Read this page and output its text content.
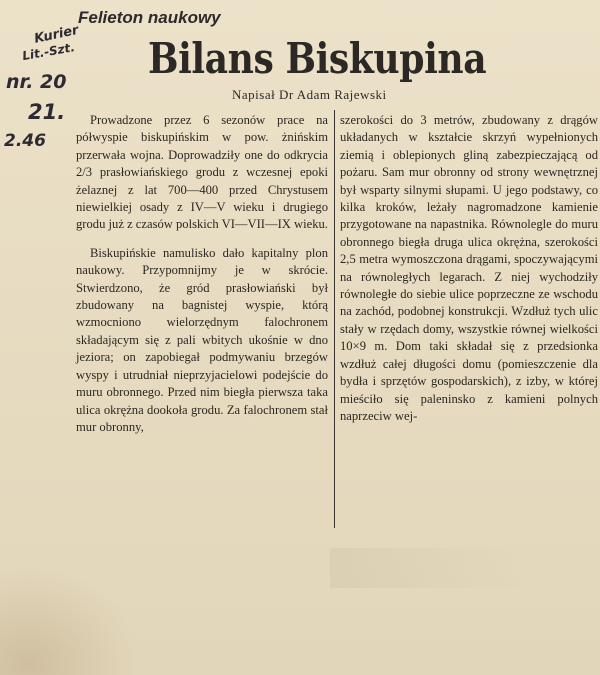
Kurier
Lit.-Szt.
nr. 20
21.
2.46
Felieton naukowy
Bilans Biskupina
Napisał Dr Adam Rajewski

Prowadzone przez 6 sezonów prace na półwyspie biskupińskim w pow. żnińskim przerwała wojna. Doprowadziły one do odkrycia 2/3 prasłowiańskiego grodu z wczesnej epoki żelaznej z lat 700—400 przed Chrystusem niewielkiej osady z IV—V wieku i drugiego grodu już z czasów polskich VI—VII—IX wieku.

Biskupińskie namulisko dało kapitalny plon naukowy. Przypomnijmy je w skrócie. Stwierdzono, że gród prasłowiański był zbudowany na bagnistej wyspie, którą wzmocniono wielorzędnym falochronem składającym się z pali wbitych ukośnie w dno jeziora; on zapobiegał podmywaniu brzegów wyspy i utrudniał nieprzyjacielowi podejście do muru obronnego. Przed nim biegła pierwsza taka ulica okrężna dookoła grodu. Za falochronem stał mur obronny,

szerokości do 3 metrów, zbudowany z drągów układanych w kształcie skrzyń wypełnionych ziemią i oblepionych gliną zabezpieczającą od pożaru. Sam mur obronny od strony wewnętrznej był wsparty silnymi słupami. U jego podstawy, co kilka kroków, leżały nagromadzone kamienie przygotowane na napastnika. Równolegle do muru obronnego biegła druga ulica okrężna, szerokości 2,5 metra wymoszczona drągami, spoczywającymi na równoległych legarach. Z niej wychodziły równoległe do siebie ulice poprzeczne ze wschodu na zachód, podobnej konstrukcji. Wzdłuż tych ulic stały w rzędach domy, wszystkie równej wielkości 10×9 m. Dom taki składał się z przedsionka wzdłuż całej długości domu (pomieszczenie dla bydła i sprzętów gospodarskich), z izby, w której mieściło się paleninsko z kamieni polnych naprzeciw wej-
